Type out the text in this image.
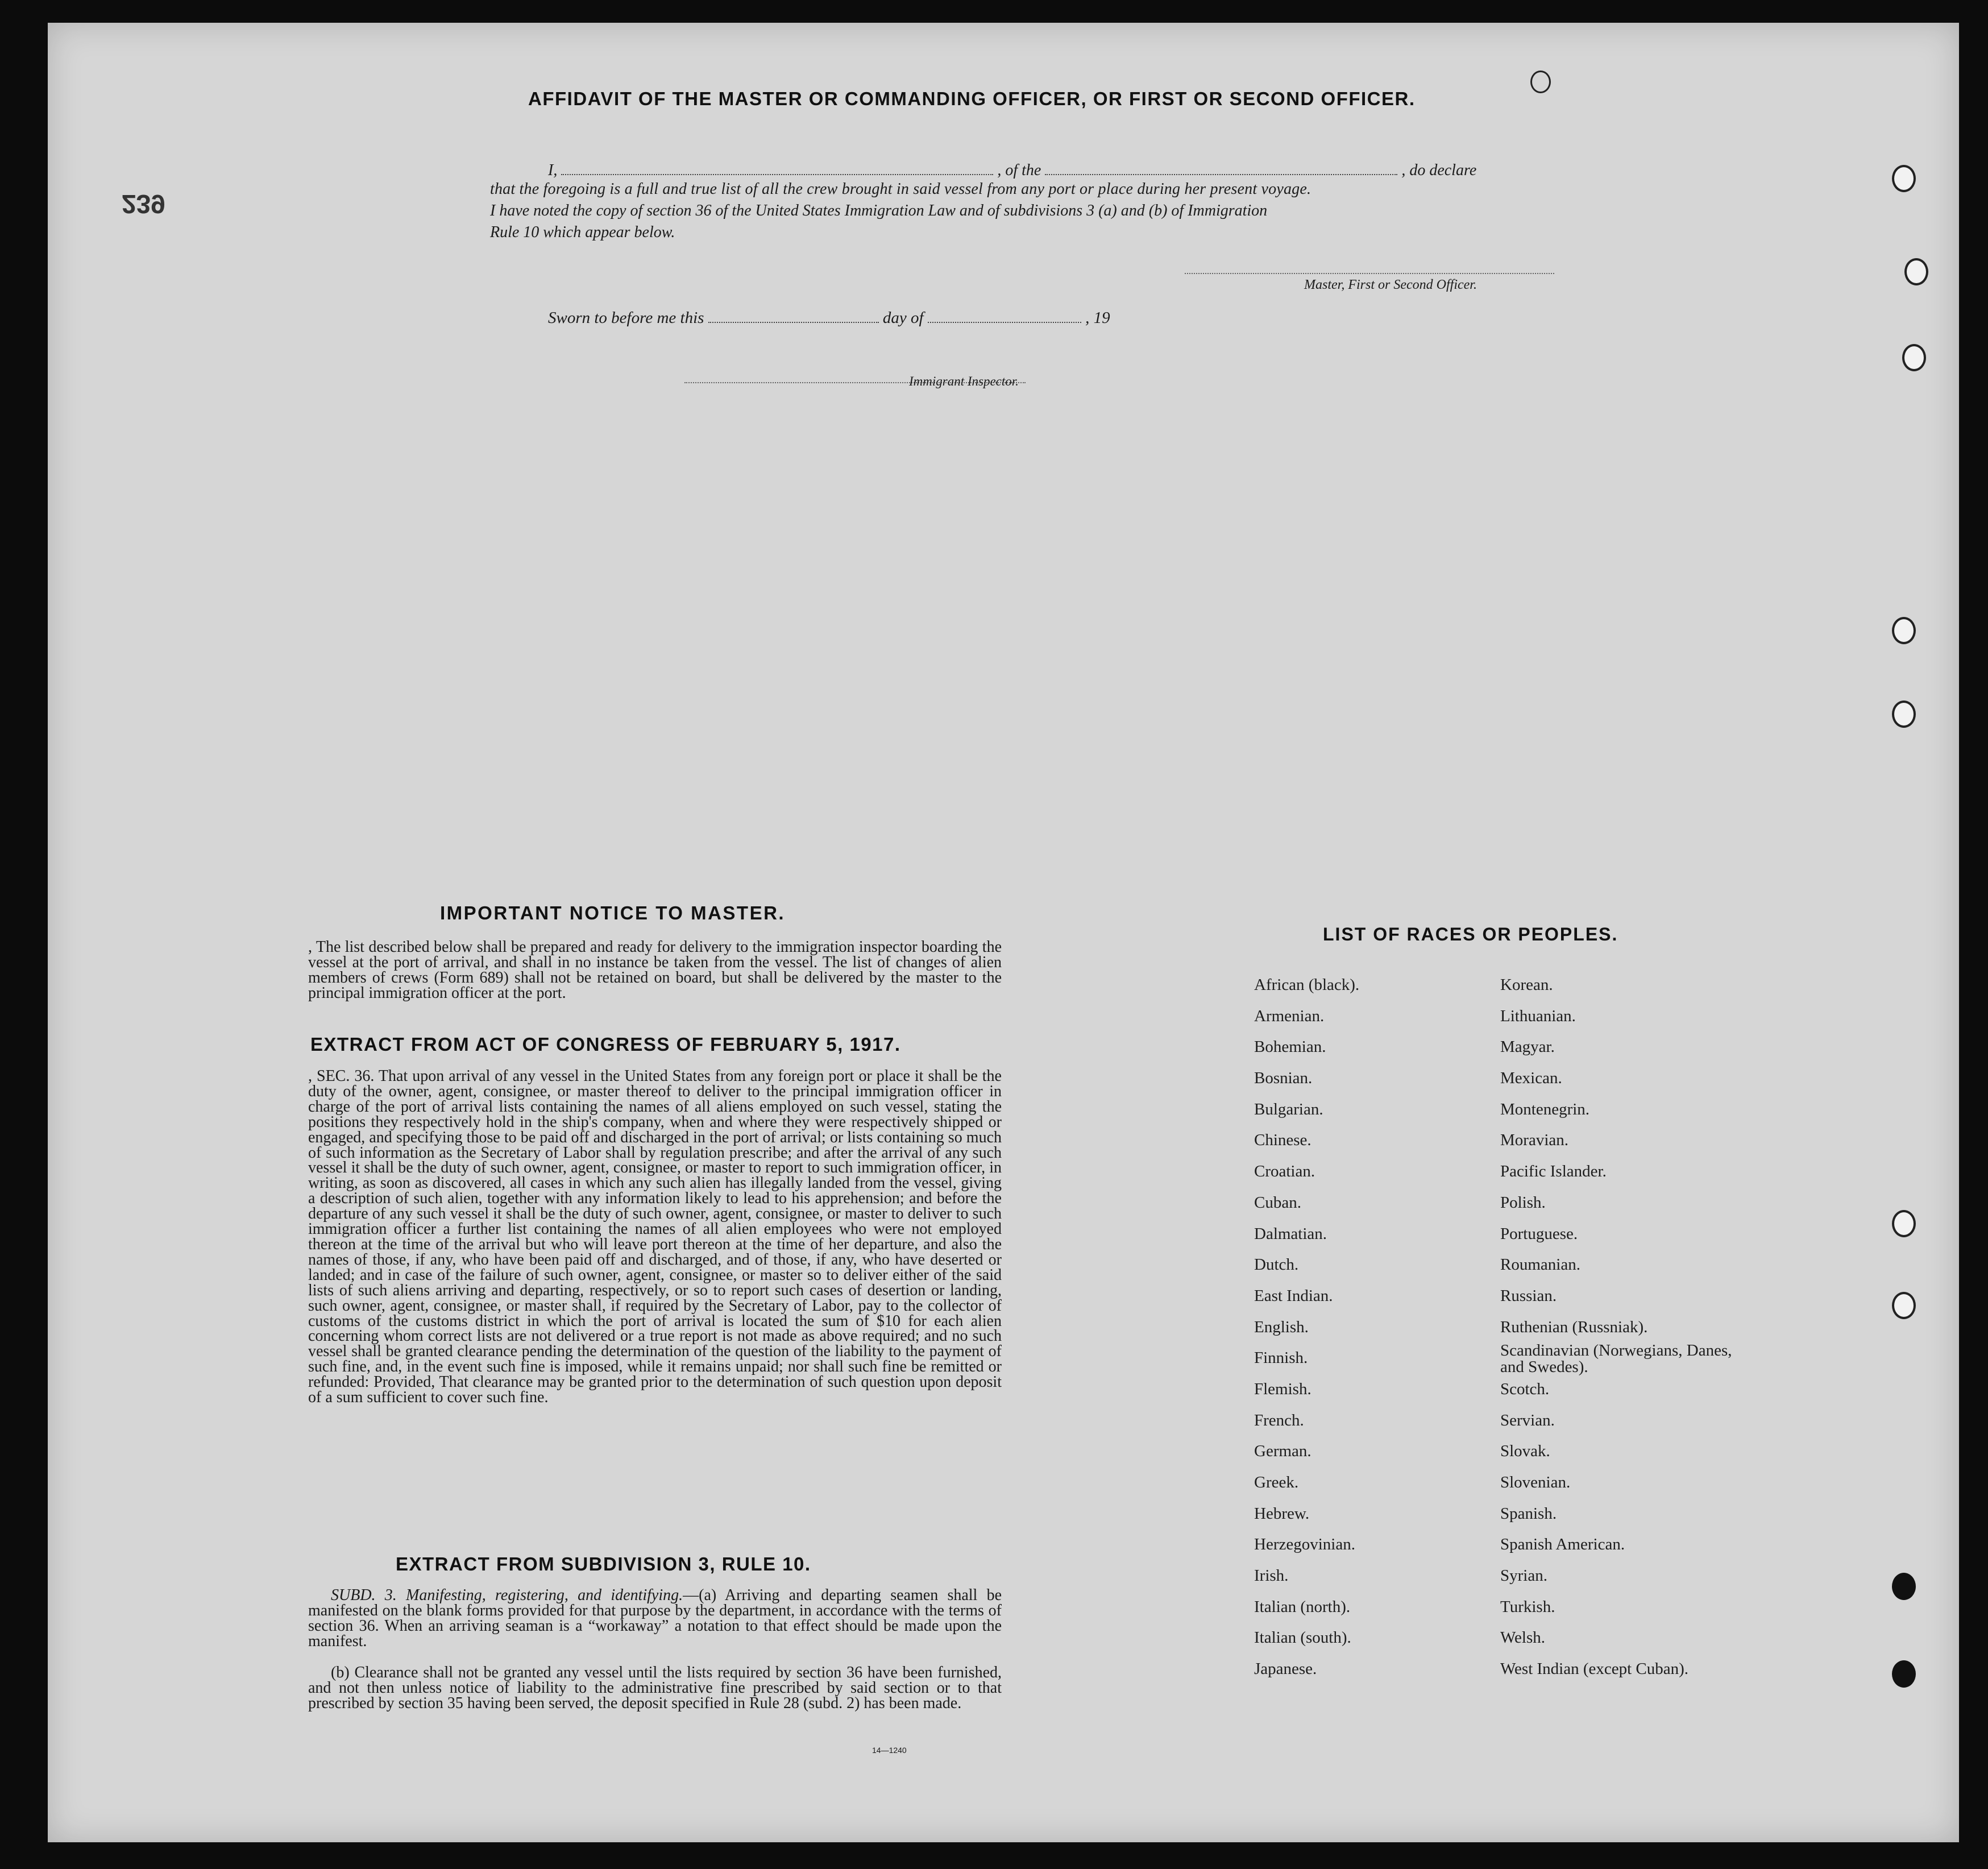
239
AFFIDAVIT OF THE MASTER OR COMMANDING OFFICER, OR FIRST OR SECOND OFFICER.
I,	, of the	, do declare
that the foregoing is a full and true list of all the crew brought in said vessel from any port or place during her present voyage.
I have noted the copy of section 36 of the United States Immigration Law and of subdivisions 3 (a) and (b) of Immigration
Rule 10 which appear below.
Master, First or Second Officer.
Sworn to before me this	day of	, 19
Immigrant Inspector.
IMPORTANT NOTICE TO MASTER.
, The list described below shall be prepared and ready for delivery to the immigration inspector boarding the vessel at the port of arrival, and shall in no instance be taken from the vessel. The list of changes of alien members of crews (Form 689) shall not be retained on board, but shall be delivered by the master to the principal immigration officer at the port.
EXTRACT FROM ACT OF CONGRESS OF FEBRUARY 5, 1917.
, SEC. 36. That upon arrival of any vessel in the United States from any foreign port or place it shall be the duty of the owner, agent, consignee, or master thereof to deliver to the principal immigration officer in charge of the port of arrival lists containing the names of all aliens employed on such vessel, stating the positions they respectively hold in the ship's company, when and where they were respectively shipped or engaged, and specifying those to be paid off and discharged in the port of arrival; or lists containing so much of such information as the Secretary of Labor shall by regulation prescribe; and after the arrival of any such vessel it shall be the duty of such owner, agent, consignee, or master to report to such immigration officer, in writing, as soon as discovered, all cases in which any such alien has illegally landed from the vessel, giving a description of such alien, together with any information likely to lead to his apprehension; and before the departure of any such vessel it shall be the duty of such owner, agent, consignee, or master to deliver to such immigration officer a further list containing the names of all alien employees who were not employed thereon at the time of the arrival but who will leave port thereon at the time of her departure, and also the names of those, if any, who have been paid off and discharged, and of those, if any, who have deserted or landed; and in case of the failure of such owner, agent, consignee, or master so to deliver either of the said lists of such aliens arriving and departing, respectively, or so to report such cases of desertion or landing, such owner, agent, consignee, or master shall, if required by the Secretary of Labor, pay to the collector of customs of the customs district in which the port of arrival is located the sum of $10 for each alien concerning whom correct lists are not delivered or a true report is not made as above required; and no such vessel shall be granted clearance pending the determination of the question of the liability to the payment of such fine, and, in the event such fine is imposed, while it remains unpaid; nor shall such fine be remitted or refunded: Provided, That clearance may be granted prior to the determination of such question upon deposit of a sum sufficient to cover such fine.
EXTRACT FROM SUBDIVISION 3, RULE 10.
SUBD. 3. Manifesting, registering, and identifying.—(a) Arriving and departing seamen shall be manifested on the blank forms provided for that purpose by the department, in accordance with the terms of section 36. When an arriving seaman is a “workaway” a notation to that effect should be made upon the manifest.
(b) Clearance shall not be granted any vessel until the lists required by section 36 have been furnished, and not then unless notice of liability to the administrative fine prescribed by said section or to that prescribed by section 35 having been served, the deposit specified in Rule 28 (subd. 2) has been made.
14—1240
LIST OF RACES OR PEOPLES.
African (black).
Armenian.
Bohemian.
Bosnian.
Bulgarian.
Chinese.
Croatian.
Cuban.
Dalmatian.
Dutch.
East Indian.
English.
Finnish.
Flemish.
French.
German.
Greek.
Hebrew.
Herzegovinian.
Irish.
Italian (north).
Italian (south).
Japanese.
Korean.
Lithuanian.
Magyar.
Mexican.
Montenegrin.
Moravian.
Pacific Islander.
Polish.
Portuguese.
Roumanian.
Russian.
Ruthenian (Russniak).
Scandinavian (Norwegians, Danes, and Swedes).
Scotch.
Servian.
Slovak.
Slovenian.
Spanish.
Spanish American.
Syrian.
Turkish.
Welsh.
West Indian (except Cuban).
